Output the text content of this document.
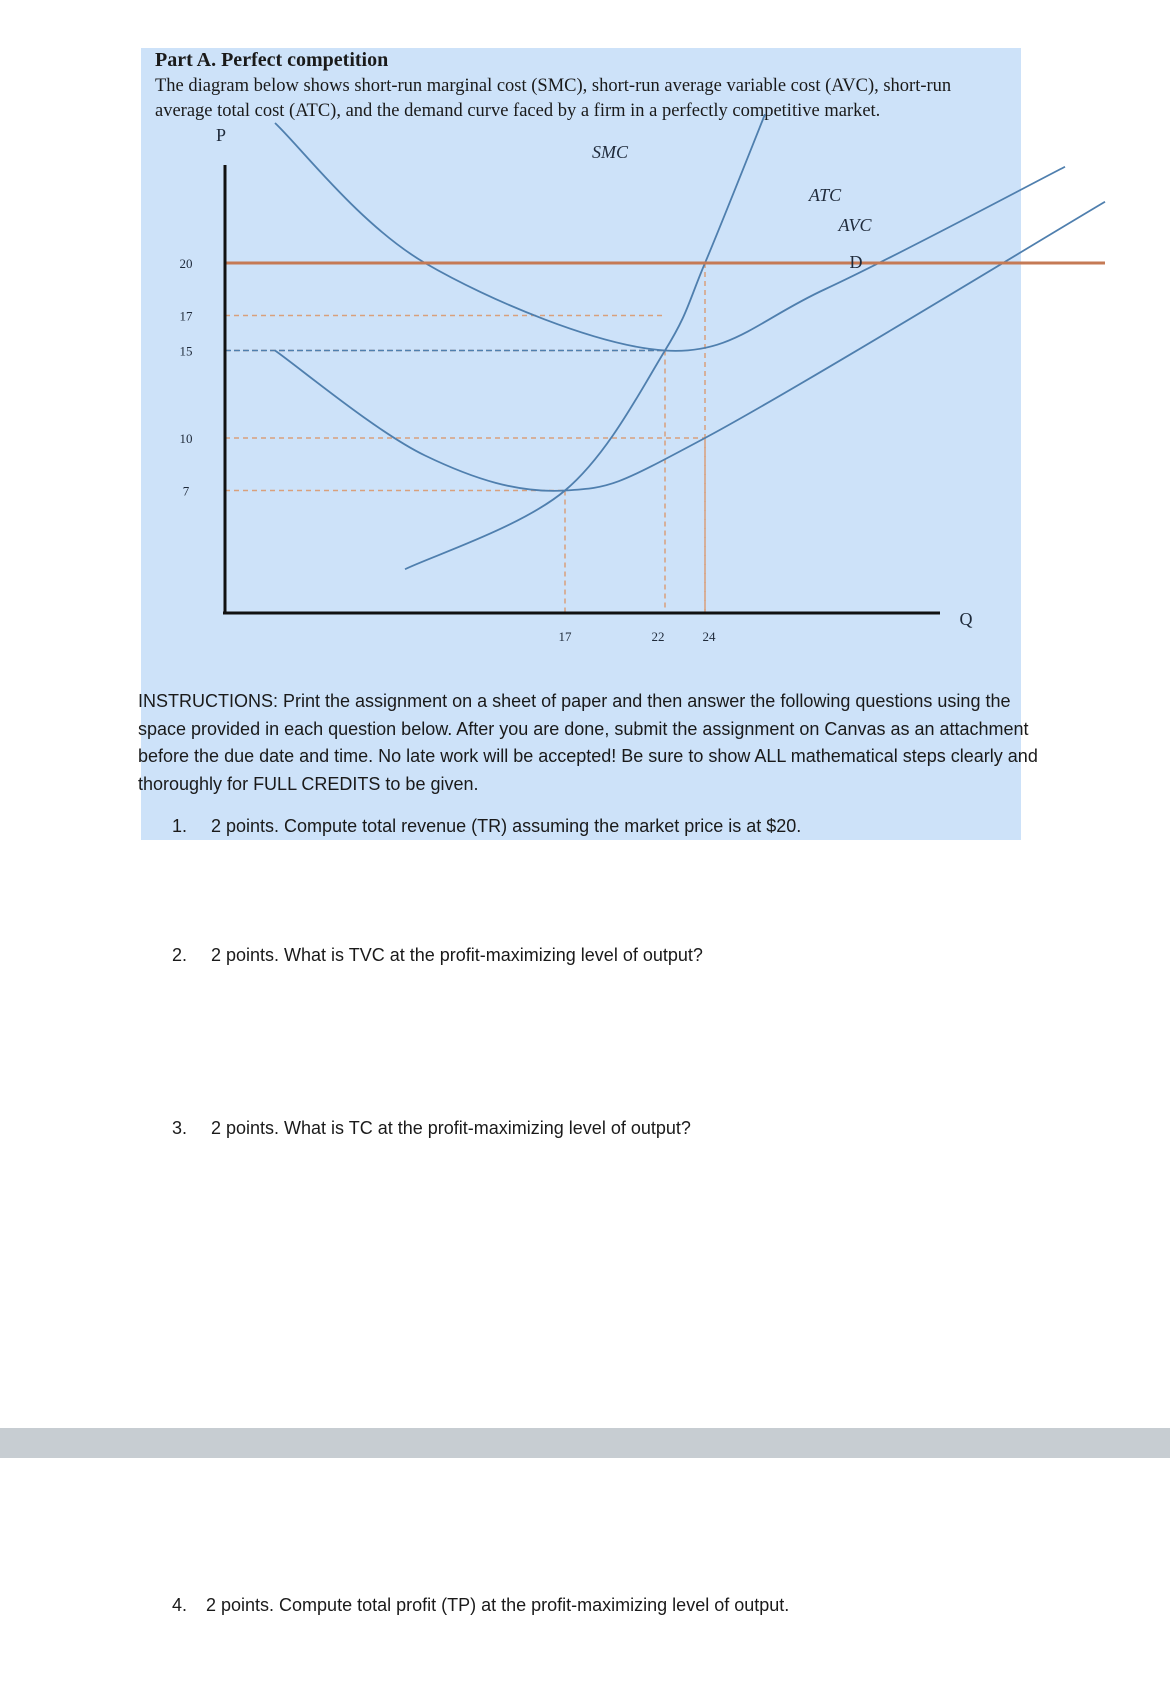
Part A. Perfect competition

The diagram below shows short-run marginal cost (SMC), short-run average variable cost (AVC), short-run average total cost (ATC), and the demand curve faced by a firm in a perfectly competitive market.

P
Q
SMC
ATC
AVC
D
20
17
15
10
7
17	22	24

INSTRUCTIONS: Print the assignment on a sheet of paper and then answer the following questions using the space provided in each question below. After you are done, submit the assignment on Canvas as an attachment before the due date and time. No late work will be accepted! Be sure to show ALL mathematical steps clearly and thoroughly for FULL CREDITS to be given.

1.	2 points. Compute total revenue (TR) assuming the market price is at $20.
2.	2 points. What is TVC at the profit-maximizing level of output?
3.	2 points. What is TC at the profit-maximizing level of output?
4.	2 points. Compute total profit (TP) at the profit-maximizing level of output.
